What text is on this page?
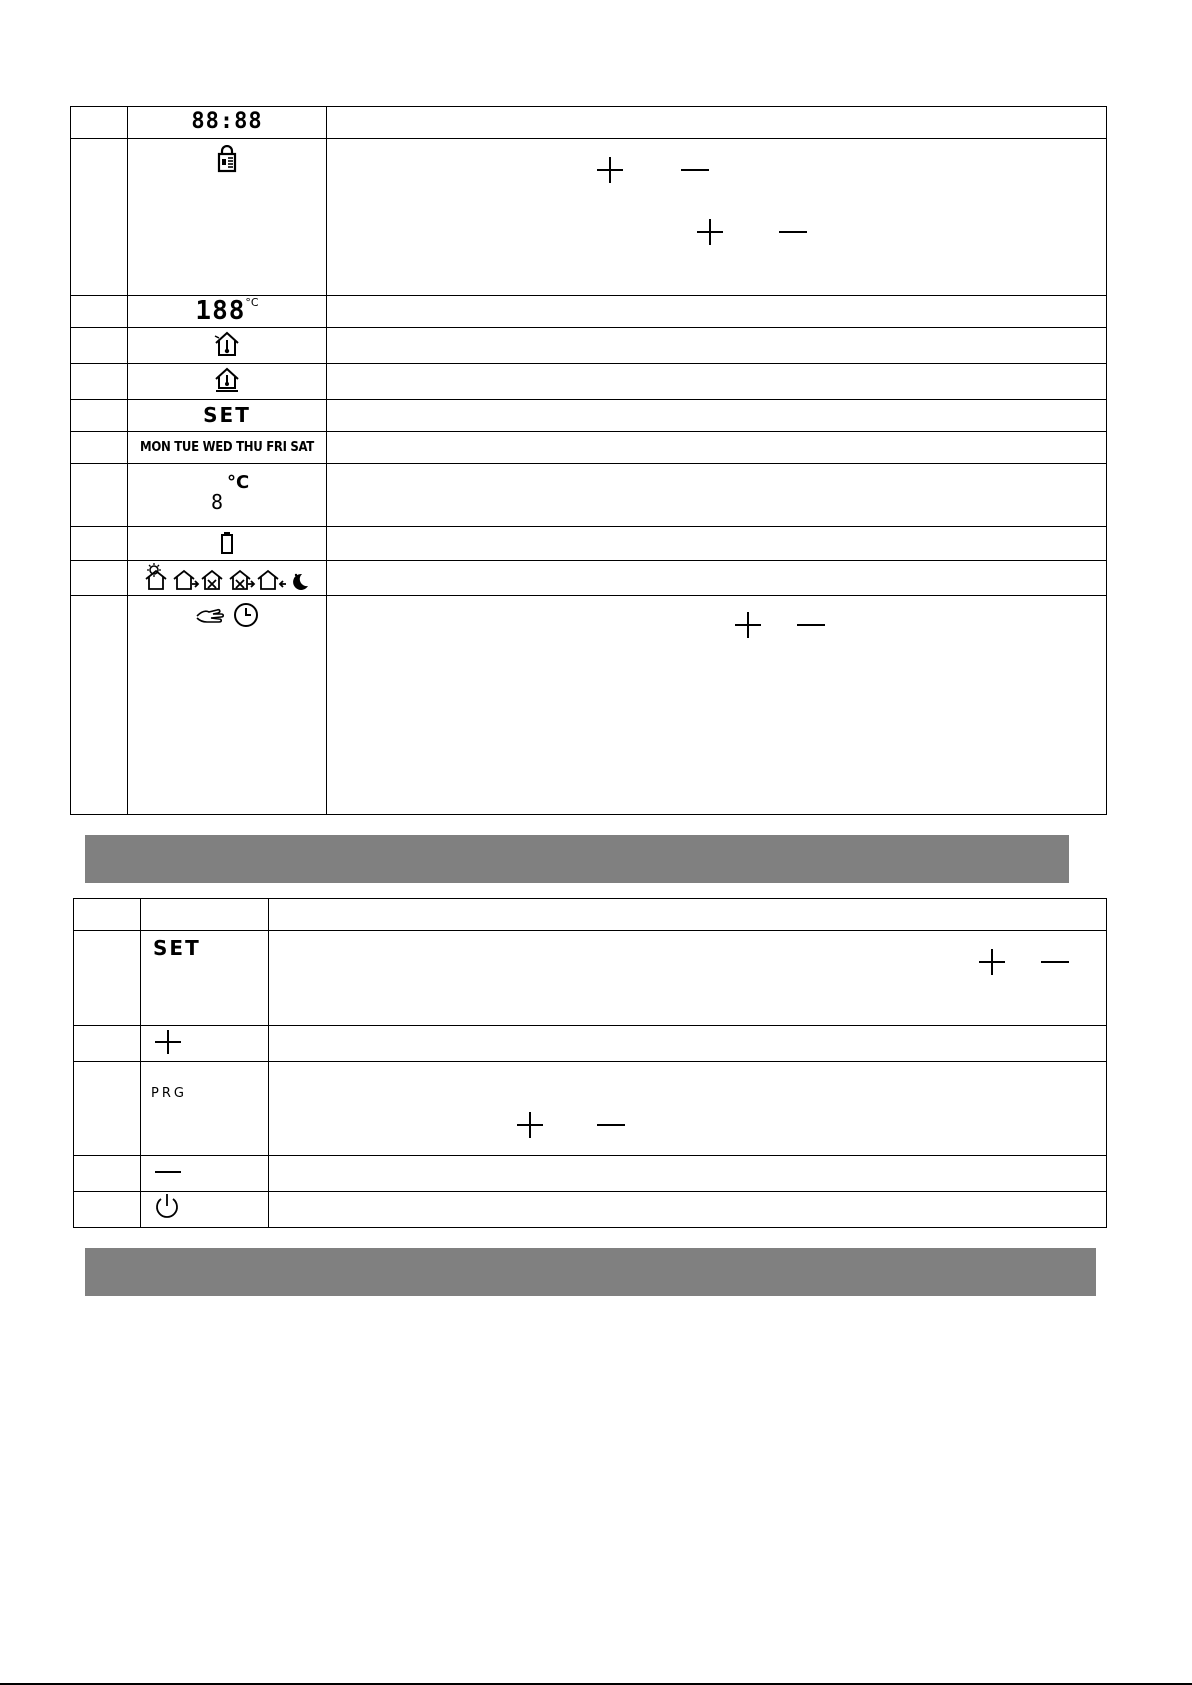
	88:88	

	$188^{^\circ C}$	

	SET	
	MON TUE WED THU FRI SAT	

	°C
8	

	SET	

	PRG	
